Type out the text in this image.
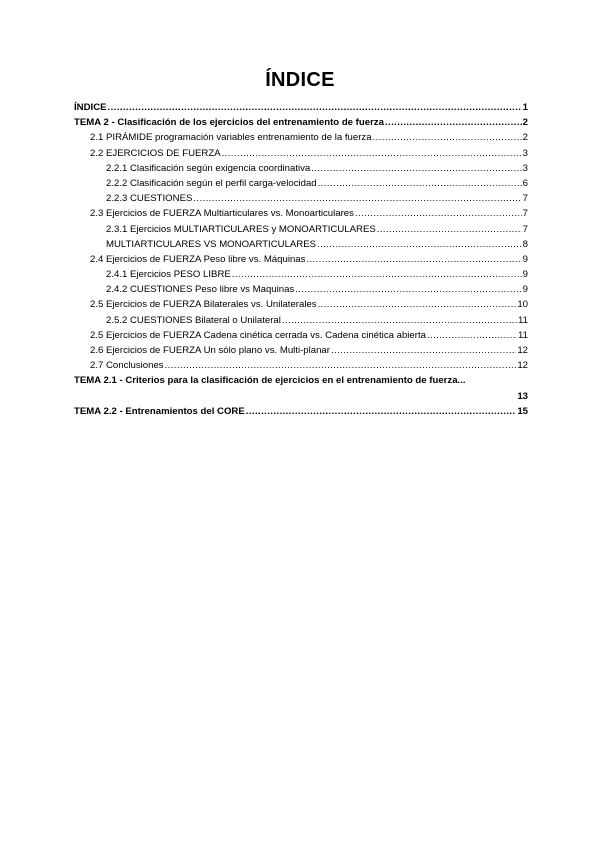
ÍNDICE
ÍNDICE .....	1
TEMA 2 - Clasificación de los ejercicios del entrenamiento de fuerza .....	2
2.1 PIRÁMIDE programación variables entrenamiento de la fuerza .....	2
2.2 EJERCICIOS DE FUERZA .....	3
2.2.1 Clasificación según exigencia coordinativa .....	3
2.2.2 Clasificación según el perfil carga-velocidad .....	6
2.2.3 CUESTIONES .....	7
2.3 Ejercicios de FUERZA Multiarticulares vs. Monoarticulares .....	7
2.3.1 Ejercicios MULTIARTICULARES y MONOARTICULARES .....	7
MULTIARTICULARES VS MONOARTICULARES .....	8
2.4 Ejercicios de FUERZA Peso libre vs. Máquinas .....	9
2.4.1 Ejercicios PESO LIBRE .....	9
2.4.2 CUESTIONES Peso libre vs Maquinas .....	9
2.5 Ejercicios de FUERZA Bilaterales vs. Unilaterales .....	10
2.5.2 CUESTIONES Bilateral o Unilateral .....	11
2.5 Ejercicios de FUERZA Cadena cinética cerrada vs. Cadena cinética abierta .....	11
2.6 Ejercicios de FUERZA Un sólo plano vs. Multi-planar .....	12
2.7 Conclusiones .....	12
TEMA 2.1 - Criterios para la clasificación de ejercicios en el entrenamiento de fuerza...
13
TEMA 2.2 - Entrenamientos del CORE .....	15
